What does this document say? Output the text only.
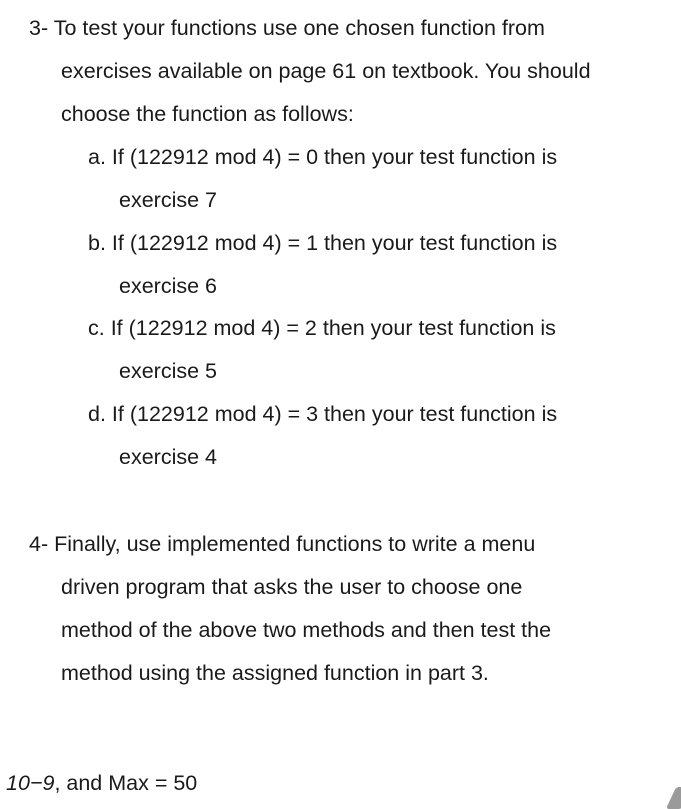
3- To test your functions use one chosen function from
exercises available on page 61 on textbook. You should
choose the function as follows:
a. If (122912 mod 4) = 0 then your test function is
exercise 7
b. If (122912 mod 4) = 1 then your test function is
exercise 6
c. If (122912 mod 4) = 2 then your test function is
exercise 5
d. If (122912 mod 4) = 3 then your test function is
exercise 4
4- Finally, use implemented functions to write a menu
driven program that asks the user to choose one
method of the above two methods and then test the
method using the assigned function in part 3.
10−9, and Max = 50
